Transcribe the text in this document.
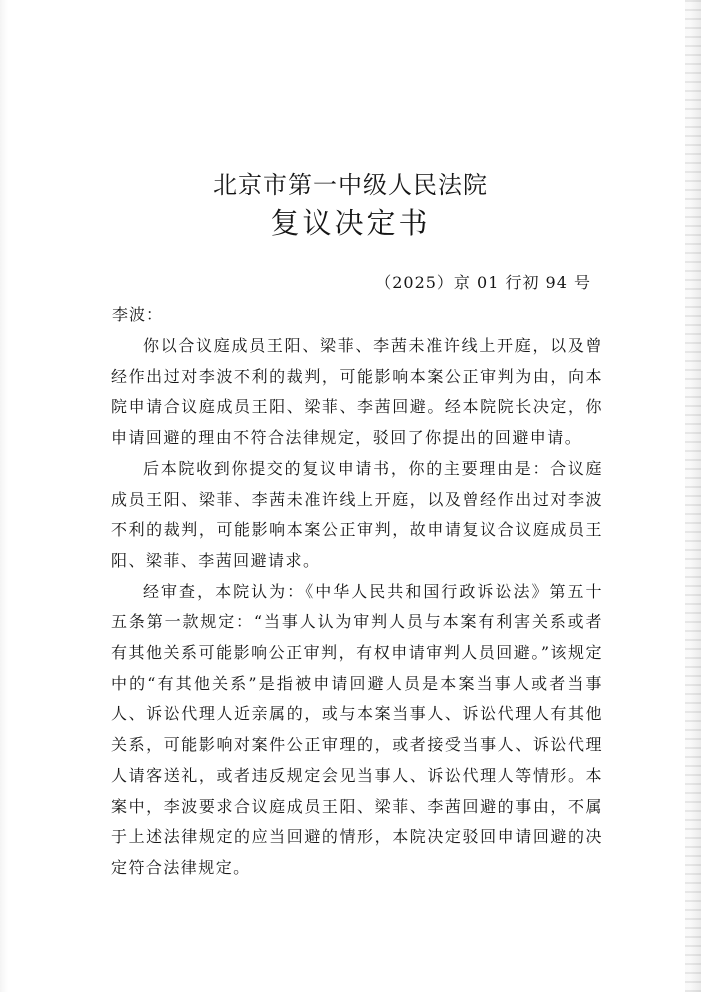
北京市第一中级人民法院
复议决定书
（2025）京 01 行初 94 号
李波：

你以合议庭成员王阳、梁菲、李茜未准许线上开庭，以及曾经作出过对李波不利的裁判，可能影响本案公正审判为由，向本院申请合议庭成员王阳、梁菲、李茜回避。经本院院长决定，你申请回避的理由不符合法律规定，驳回了你提出的回避申请。

后本院收到你提交的复议申请书，你的主要理由是：合议庭成员王阳、梁菲、李茜未准许线上开庭，以及曾经作出过对李波不利的裁判，可能影响本案公正审判，故申请复议合议庭成员王阳、梁菲、李茜回避请求。

经审查，本院认为：《中华人民共和国行政诉讼法》第五十五条第一款规定：“当事人认为审判人员与本案有利害关系或者有其他关系可能影响公正审判，有权申请审判人员回避。”该规定中的“有其他关系”是指被申请回避人员是本案当事人或者当事人、诉讼代理人近亲属的，或与本案当事人、诉讼代理人有其他关系，可能影响对案件公正审理的，或者接受当事人、诉讼代理人请客送礼，或者违反规定会见当事人、诉讼代理人等情形。本案中，李波要求合议庭成员王阳、梁菲、李茜回避的事由，不属于上述法律规定的应当回避的情形，本院决定驳回申请回避的决定符合法律规定。
